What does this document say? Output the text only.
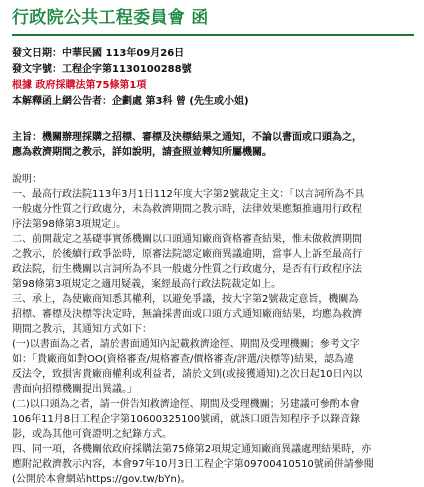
行政院公共工程委員會 函
發文日期：中華民國 113年09月26日
發文字號：工程企字第1130100288號
根據 政府採購法第75條第1項
本解釋函上網公告者：企劃處 第3科 曾 (先生或小姐)
主旨：機關辦理採購之招標、審標及決標結果之通知，不論以書面或口頭為之，
應為救濟期間之教示，詳如說明，請查照並轉知所屬機關。
說明：
一、最高行政法院113年3月1日112年度大字第2號裁定主文：「以言詞所為不具
一般處分性質之行政處分，未為救濟期間之教示時，法律效果應類推適用行政程
序法第98條第3項規定」。
二、前開裁定之基礎事實係機關以口頭通知廠商資格審查結果，惟未做救濟期間
之教示，於後續行政爭訟時，原審法院認定廠商異議逾期，當事人上訴至最高行
政法院，衍生機關以言詞所為不具一般處分性質之行政處分，是否有行政程序法
第98條第3項規定之適用疑義，案經最高行政法院裁定如上。
三、承上，為使廠商知悉其權利，以避免爭議，按大字第2號裁定意旨，機關為
招標、審標及決標等決定時，無論採書面或口頭方式通知廠商結果，均應為救濟
期間之教示，其通知方式如下：
(一)以書面為之者，請於書面通知內記載救濟途徑、期間及受理機關；參考文字
如：「貴廠商如對OO(資格審查/規格審查/價格審查/評選/決標等)結果，認為違
反法令，致損害貴廠商權利或利益者，請於文到(或接獲通知)之次日起10日內以
書面向招標機關提出異議。」
(二)以口頭為之者，請一併告知救濟途徑、期間及受理機關；另建議可參酌本會
106年11月8日工程企字第10600325100號函，就該口頭告知程序予以錄音錄
影，或為其他可資證明之紀錄方式。
四、同一項，各機關依政府採購法第75條第2項規定通知廠商異議處理結果時，亦
應附記救濟教示內容，本會97年10月3日工程企字第09700410510號函併請參閱
(公開於本會網站https://gov.tw/bYn)。
